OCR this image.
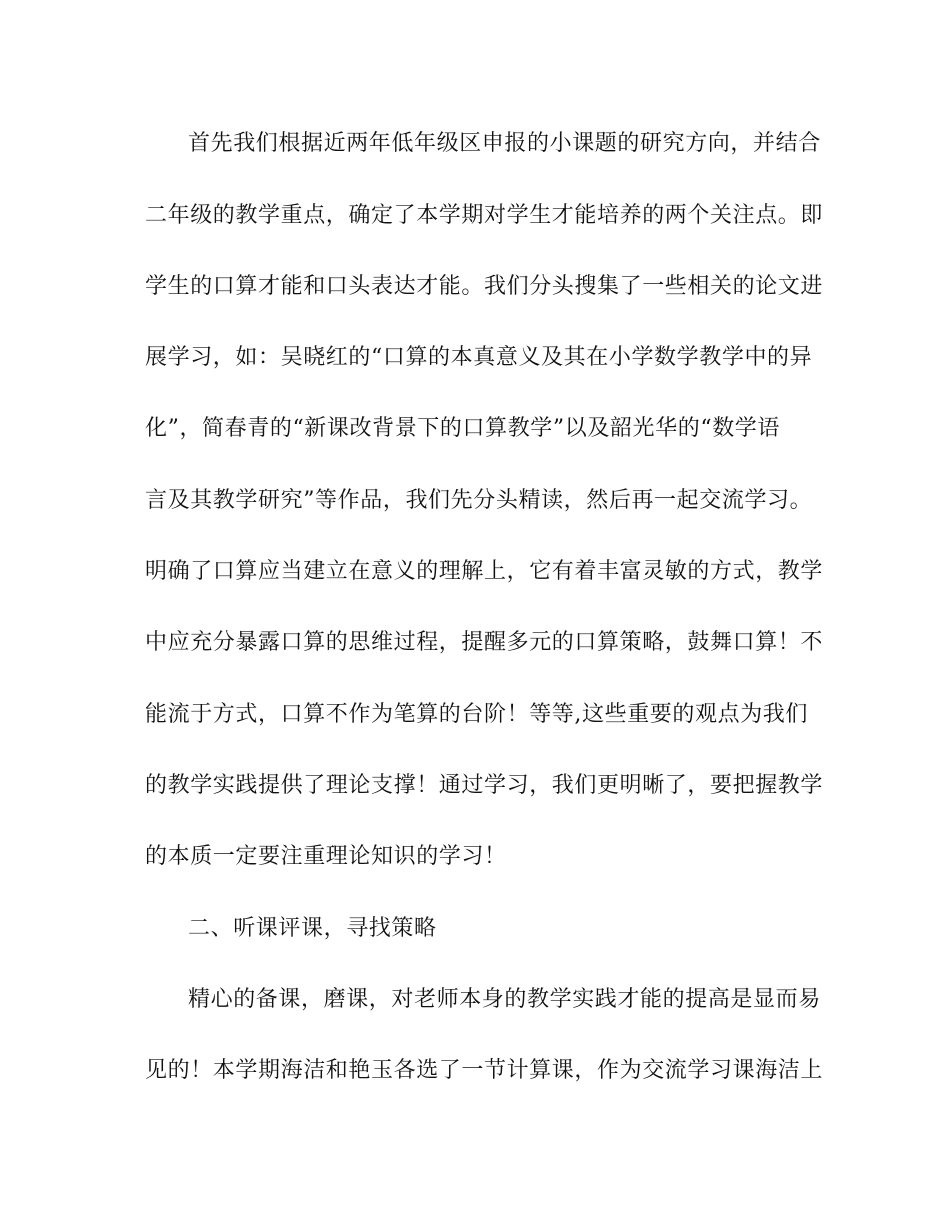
首先我们根据近两年低年级区申报的小课题的研究方向，并结合
二年级的教学重点，确定了本学期对学生才能培养的两个关注点。即
学生的口算才能和口头表达才能。我们分头搜集了一些相关的论文进
展学习，如：吴晓红的“口算的本真意义及其在小学数学教学中的异
化”，简春青的“新课改背景下的口算教学”以及韶光华的“数学语
言及其教学研究”等作品，我们先分头精读，然后再一起交流学习。
明确了口算应当建立在意义的理解上，它有着丰富灵敏的方式，教学
中应充分暴露口算的思维过程，提醒多元的口算策略，鼓舞口算！不
能流于方式，口算不作为笔算的台阶！等等,这些重要的观点为我们
的教学实践提供了理论支撑！通过学习，我们更明晰了，要把握教学
的本质一定要注重理论知识的学习！
二、听课评课，寻找策略
精心的备课，磨课，对老师本身的教学实践才能的提高是显而易
见的！本学期海洁和艳玉各选了一节计算课，作为交流学习课海洁上
